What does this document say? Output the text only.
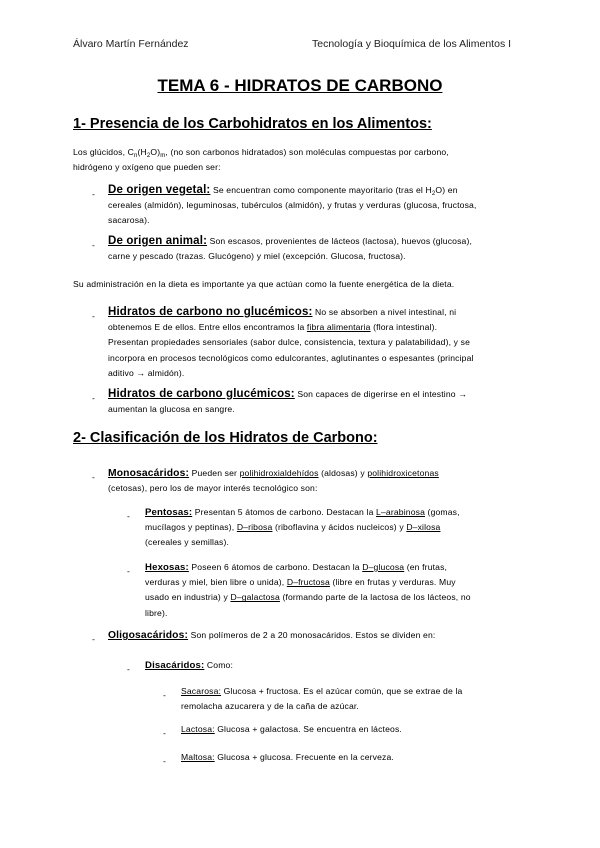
Álvaro Martín Fernández	Tecnología y Bioquímica de los Alimentos I
TEMA 6 - HIDRATOS DE CARBONO
1- Presencia de los Carbohidratos en los Alimentos:
Los glúcidos, $C_n(H_2O)_m$, (no son carbonos hidratados) son moléculas compuestas por carbono,
hidrógeno y oxígeno que pueden ser:
- De origen vegetal: Se encuentran como componente mayoritario (tras el $H_2O$) en
cereales (almidón), leguminosas, tubérculos (almidón), y frutas y verduras (glucosa, fructosa,
sacarosa).
- De origen animal: Son escasos, provenientes de lácteos (lactosa), huevos (glucosa),
carne y pescado (trazas. Glucógeno) y miel (excepción. Glucosa, fructosa).
Su administración en la dieta es importante ya que actúan como la fuente energética de la dieta.
- Hidratos de carbono no glucémicos: No se absorben a nivel intestinal, ni
obtenemos E de ellos. Entre ellos encontramos la fibra alimentaria (flora intestinal).
Presentan propiedades sensoriales (sabor dulce, consistencia, textura y palatabilidad), y se
incorpora en procesos tecnológicos como edulcorantes, aglutinantes o espesantes (principal
aditivo → almidón).
- Hidratos de carbono glucémicos: Son capaces de digerirse en el intestino →
aumentan la glucosa en sangre.
2- Clasificación de los Hidratos de Carbono:
- Monosacáridos: Pueden ser polihidroxialdehídos (aldosas) y polihidroxicetonas
(cetosas), pero los de mayor interés tecnológico son:
- Pentosas: Presentan 5 átomos de carbono. Destacan la L–arabinosa (gomas,
mucílagos y peptinas), D–ribosa (riboflavina y ácidos nucleicos) y D–xilosa
(cereales y semillas).
- Hexosas: Poseen 6 átomos de carbono. Destacan la D–glucosa (en frutas,
verduras y miel, bien libre o unida), D–fructosa (libre en frutas y verduras. Muy
usado en industria) y D–galactosa (formando parte de la lactosa de los lácteos, no
libre).
- Oligosacáridos: Son polímeros de 2 a 20 monosacáridos. Estos se dividen en:
- Disacáridos: Como:
- Sacarosa: Glucosa + fructosa. Es el azúcar común, que se extrae de la
remolacha azucarera y de la caña de azúcar.
- Lactosa: Glucosa + galactosa. Se encuentra en lácteos.
- Maltosa: Glucosa + glucosa. Frecuente en la cerveza.
